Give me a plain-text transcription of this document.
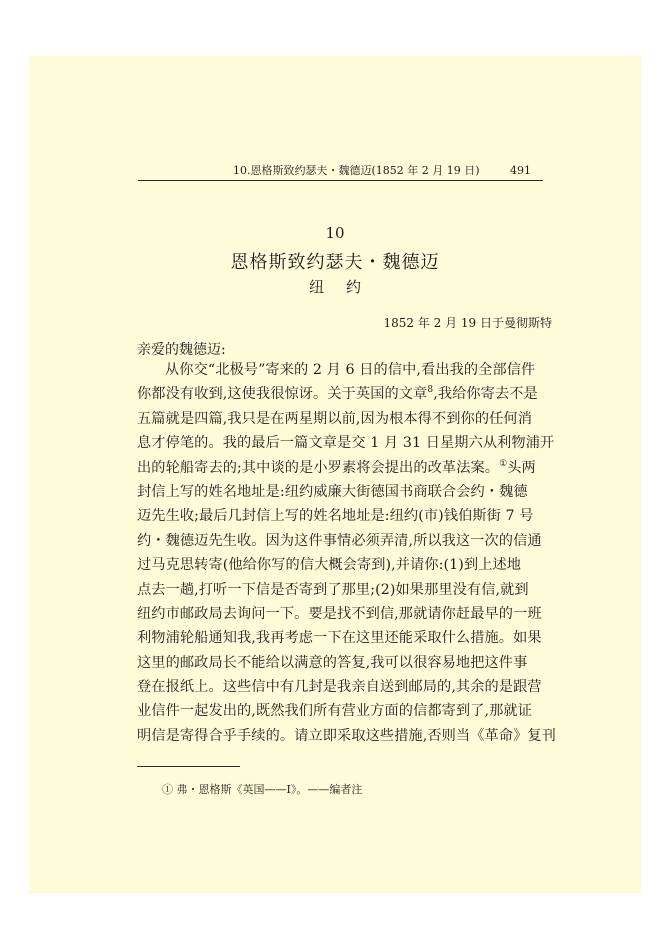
10.恩格斯致约瑟夫・魏德迈(1852 年 2 月 19 日)	491
10
恩格斯致约瑟夫・魏德迈
纽约
1852 年 2 月 19 日于曼彻斯特
亲爱的魏德迈:
从你交“北极号”寄来的 2 月 6 日的信中,看出我的全部信件
你都没有收到,这使我很惊讶。关于英国的文章$^8$,我给你寄去不是
五篇就是四篇,我只是在两星期以前,因为根本得不到你的任何消
息才停笔的。我的最后一篇文章是交 1 月 31 日星期六从利物浦开
出的轮船寄去的;其中谈的是小罗素将会提出的改革法案。①头两
封信上写的姓名地址是:纽约威廉大街德国书商联合会约・魏德
迈先生收;最后几封信上写的姓名地址是:纽约(市)钱伯斯街 7 号
约・魏德迈先生收。因为这件事情必须弄清,所以我这一次的信通
过马克思转寄(他给你写的信大概会寄到),并请你:(1)到上述地
点去一趟,打听一下信是否寄到了那里;(2)如果那里没有信,就到
纽约市邮政局去询问一下。要是找不到信,那就请你赶最早的一班
利物浦轮船通知我,我再考虑一下在这里还能采取什么措施。如果
这里的邮政局长不能给以满意的答复,我可以很容易地把这件事
登在报纸上。这些信中有几封是我亲自送到邮局的,其余的是跟营
业信件一起发出的,既然我们所有营业方面的信都寄到了,那就证
明信是寄得合乎手续的。请立即采取这些措施,否则当《革命》复刊
① 弗・恩格斯《英国——Ⅰ》。——编者注
